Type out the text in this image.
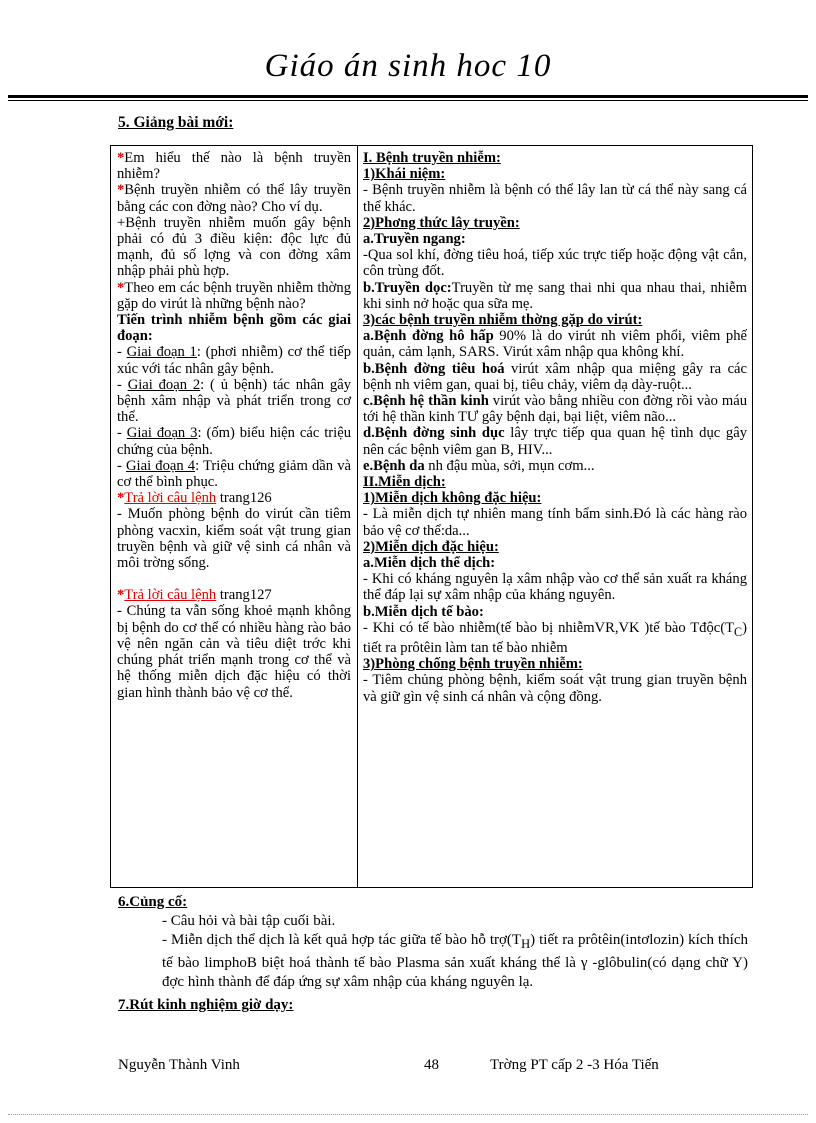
Giáo án sinh hoc 10
5. Giảng bài mới:

*Em hiểu thế nào là bệnh truyền nhiễm?

*Bệnh truyền nhiễm có thể lây truyền bằng các con đờng nào? Cho ví dụ.

+Bệnh truyền nhiễm muốn gây bệnh phải có đủ 3 điều kiện: độc lực đủ mạnh, đủ số lợng và con đờng xâm nhập phải phù hợp.

*Theo em các bệnh truyền nhiễm thờng gặp do virút là những bệnh nào?

Tiến trình nhiễm bệnh gồm các giai đoạn:

- Giai đoạn 1: (phơi nhiễm) cơ thể tiếp xúc với tác nhân gây bệnh.

- Giai đoạn 2: ( ủ bệnh) tác nhân gây bệnh xâm nhập và phát triển trong cơ thể.

- Giai đoạn 3: (ốm) biểu hiện các triệu chứng của bệnh.

- Giai đoạn 4: Triệu chứng giảm dần và cơ thể bình phục.

*Trả lời câu lệnh trang126

- Muốn phòng bệnh do virút cần tiêm phòng vacxin, kiểm soát vật trung gian truyền bệnh và giữ vệ sinh cá nhân và môi trờng sống.

*Trả lời câu lệnh trang127

- Chúng ta vẫn sống khoẻ mạnh không bị bệnh do cơ thể có nhiều hàng rào bảo vệ nên ngăn cản và tiêu diệt trớc khi chúng phát triển mạnh trong cơ thể và hệ thống miễn dịch đặc hiệu có thời gian hình thành bảo vệ cơ thể.

I. Bệnh truyền nhiễm:

1)Khái niệm:

- Bệnh truyền nhiễm là bệnh có thể lây lan từ cá thể này sang cá thể khác.

2)Phơng thức lây truyền:

a.Truyền ngang:

-Qua sol khí, đờng tiêu hoá, tiếp xúc trực tiếp hoặc động vật cắn, côn trùng đốt.

b.Truyền dọc:Truyền từ mẹ sang thai nhi qua nhau thai, nhiễm khi sinh nở hoặc qua sữa mẹ.

3)các bệnh truyền nhiễm thờng gặp do virút:

a.Bệnh đờng hô hấp 90% là do virút nh viêm phổi, viêm phế quản, cảm lạnh, SARS. Virút xâm nhập qua không khí.

b.Bệnh đờng tiêu hoá virút xâm nhập qua miệng gây ra các bệnh nh viêm gan, quai bị, tiêu chảy, viêm dạ dày-ruột...

c.Bệnh hệ thần kinh virút vào bằng nhiều con đờng rồi vào máu tới hệ thần kinh TƯ gây bệnh dại, bại liệt, viêm não...

d.Bệnh đờng sinh dục lây trực tiếp qua quan hệ tình dục gây nên các bệnh viêm gan B, HIV...

e.Bệnh da nh đậu mùa, sởi, mụn cơm...

II.Miễn dịch:

1)Miễn dịch không đặc hiệu:

- Là miễn dịch tự nhiên mang tính bẩm sinh.Đó là các hàng rào bảo vệ cơ thể:da...

2)Miễn dịch đặc hiệu:

a.Miễn dịch thể dịch:

- Khi có kháng nguyên lạ xâm nhập vào cơ thể sản xuất ra kháng thể đáp lại sự xâm nhập của kháng nguyên.

b.Miễn dịch tế bào:

- Khi có tế bào nhiễm(tế bào bị nhiễmVR,VK )tế bào $Tđộc(T_C)$ tiết ra prôtêin làm tan tế bào nhiễm

3)Phòng chống bệnh truyền nhiễm:

- Tiêm chủng phòng bệnh, kiểm soát vật trung gian truyền bệnh và giữ gìn vệ sinh cá nhân và cộng đồng.

6.Củng cố:

- Câu hỏi và bài tập cuối bài.

- Miễn dịch thể dịch là kết quả hợp tác giữa tế bào hỗ $trợ(T_H)$ tiết ra prôtêin(intơlozin) kích thích tế bào limphoB biệt hoá thành tế bào Plasma sản xuất kháng thể là γ -glôbulin(có dạng chữ Y) đợc hình thành để đáp ứng sự xâm nhập của kháng nguyên lạ.

7.Rút kinh nghiệm giờ dạy:

Nguyễn Thành Vinh	48	Trờng PT cấp 2 -3 Hóa Tiến
